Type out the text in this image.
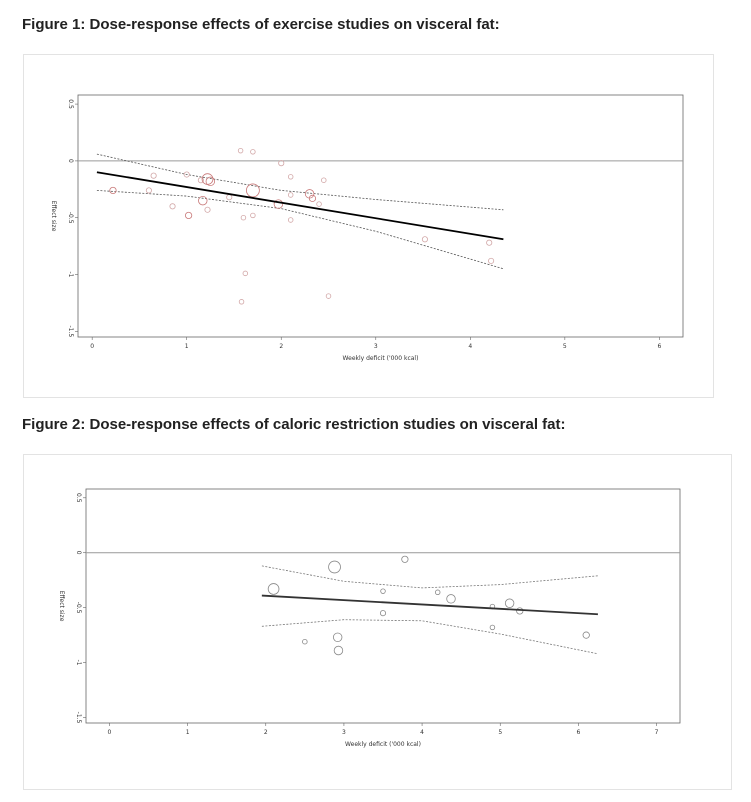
Figure 1: Dose-response effects of exercise studies on visceral fat:
0	1	2	3	4	5	6
0.5
0
-0.5
-1
-1.5
Weekly deficit ('000 kcal)
Effect size
Figure 2: Dose-response effects of caloric restriction studies on visceral fat:
0	1	2	3	4	5	6	7
0.5
0
-0.5
-1
-1.5
Weekly deficit ('000 kcal)
Effect size
